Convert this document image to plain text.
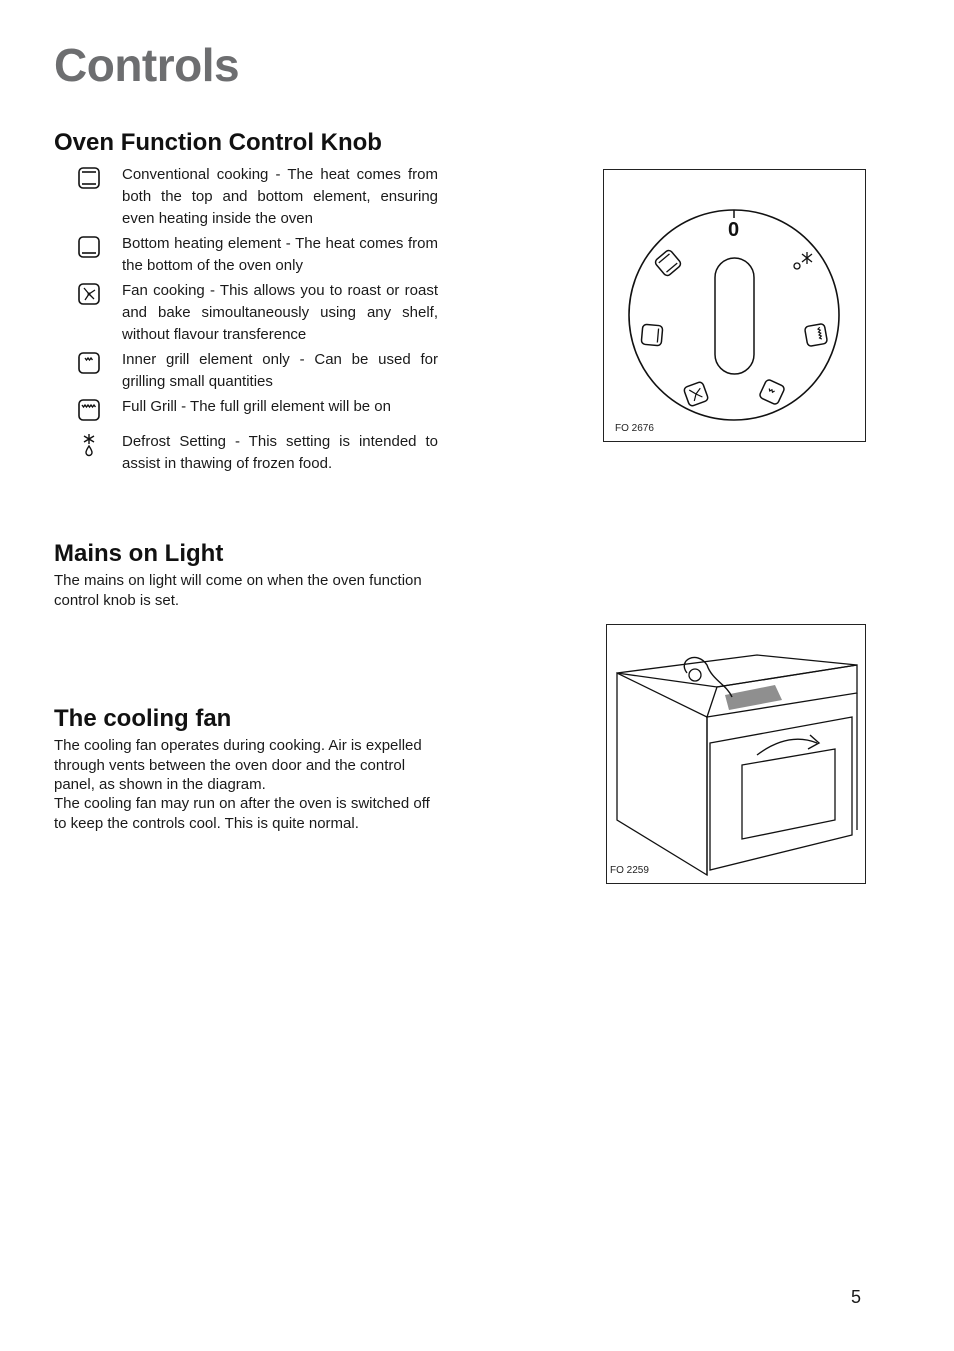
Controls
Oven Function Control Knob
Conventional cooking - The heat comes from both the top and bottom element, ensuring even heating inside the oven
Bottom heating element - The heat comes from the bottom of the oven only
Fan cooking - This allows you to roast or roast and bake simoultaneously using any shelf, without flavour transference
Inner grill element only - Can be used for grilling small quantities
Full Grill - The full grill element will be on
Defrost Setting - This setting is intended to assist in thawing of frozen food.
Mains on Light

The mains on light will come on when the oven function control knob is set.

The cooling fan

The cooling fan operates during cooking. Air is expelled through vents between the oven door and the control panel, as shown in the diagram.

The cooling fan may run on after the oven is switched off to keep the controls cool. This is quite normal.

0
FO 2676
FO 2259
5
